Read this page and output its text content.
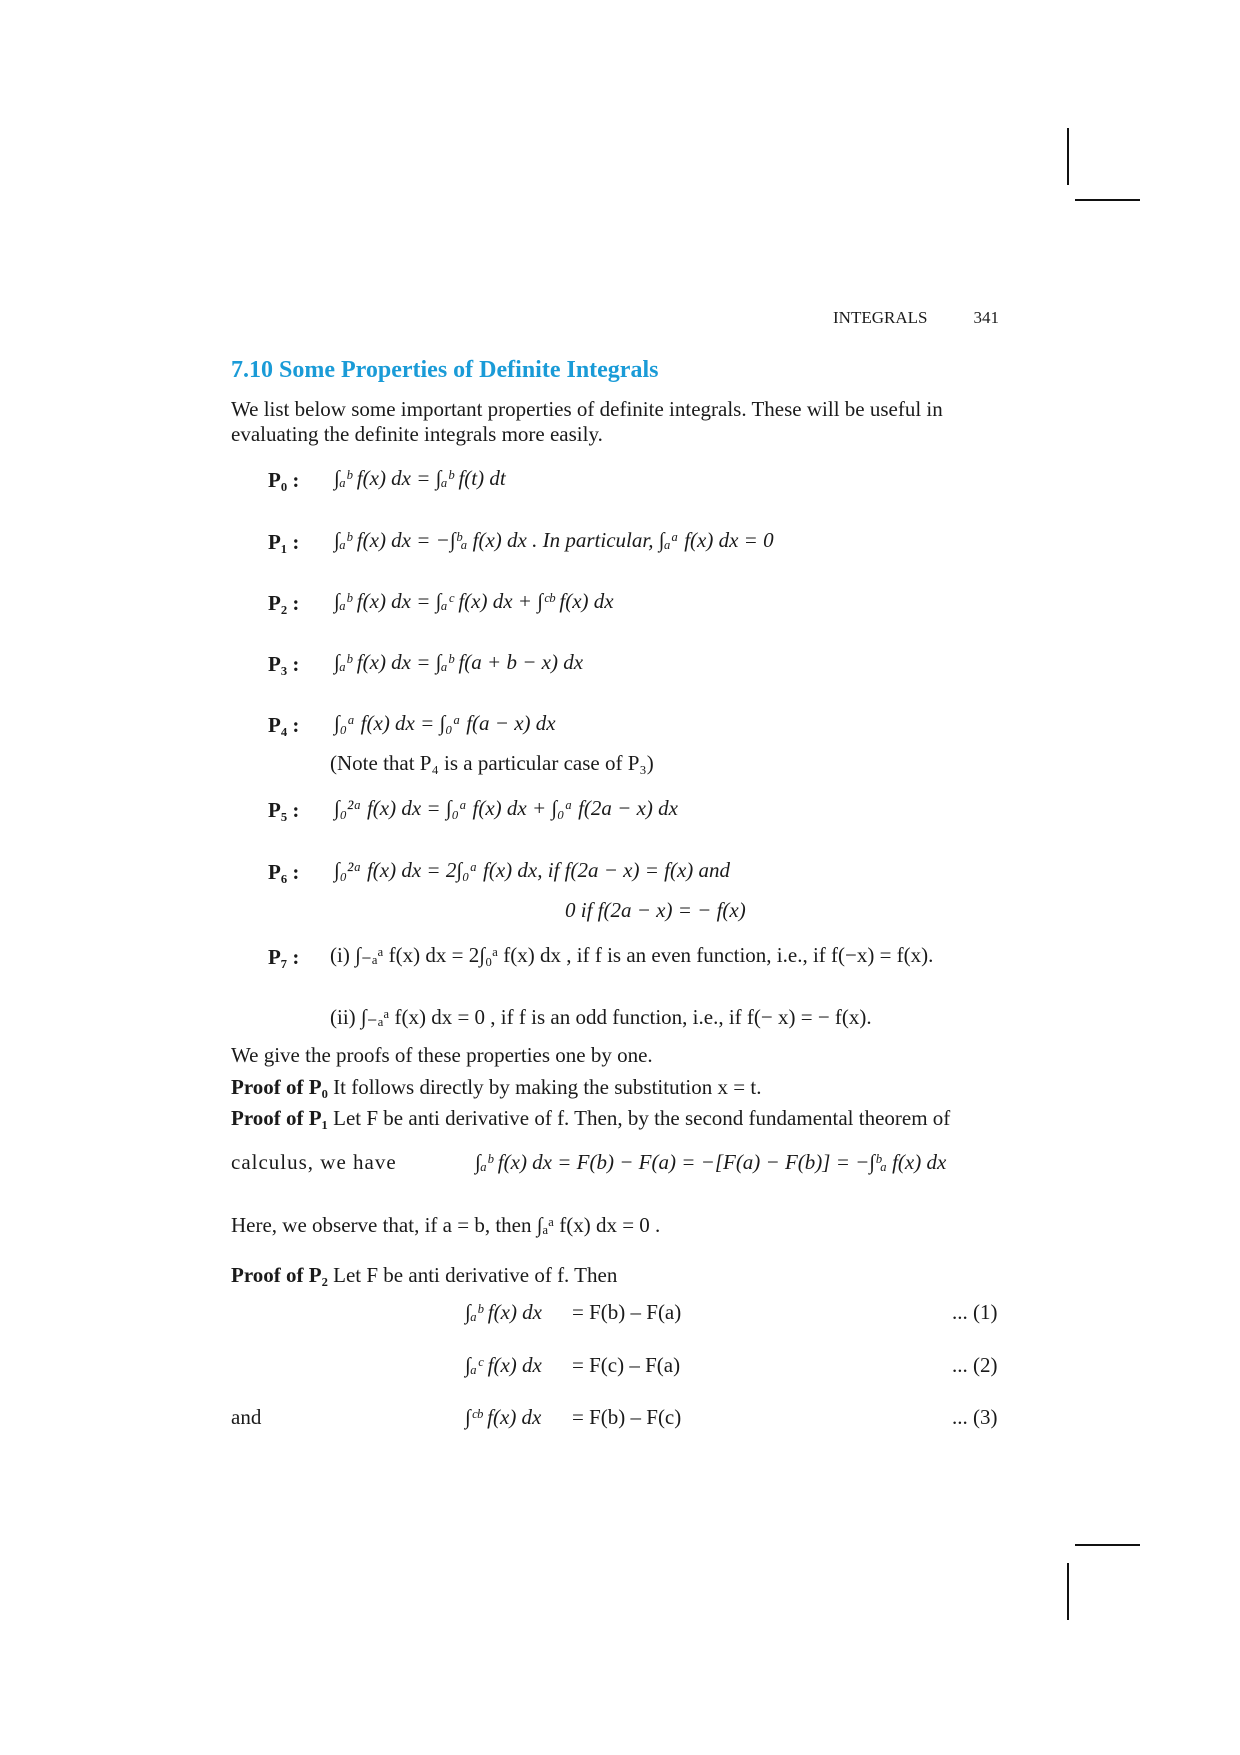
INTEGRALS	341
7.10 Some Properties of Definite Integrals
We list below some important properties of definite integrals. These will be useful in
evaluating the definite integrals more easily.
P₀ : ∫ₐᵇ f(x) dx = ∫ₐᵇ f(t) dt
P₁ : ∫ₐᵇ f(x) dx = −∫ᵇₐ f(x) dx . In particular, ∫ₐᵃ f(x) dx = 0
P₂ : ∫ₐᵇ f(x) dx = ∫ₐᶜ f(x) dx + ∫ᶜᵇ f(x) dx
P₃ : ∫ₐᵇ f(x) dx = ∫ₐᵇ f(a + b − x) dx
P₄ : ∫₀ᵃ f(x) dx = ∫₀ᵃ f(a − x) dx
(Note that P₄ is a particular case of P₃)
P₅ : ∫₀²ᵃ f(x) dx = ∫₀ᵃ f(x) dx + ∫₀ᵃ f(2a − x) dx
P₆ : ∫₀²ᵃ f(x) dx = 2∫₀ᵃ f(x) dx, if f(2a − x) = f(x) and
0 if f(2a − x) = − f(x)
P₇ : (i) ∫₋ₐᵃ f(x) dx = 2∫₀ᵃ f(x) dx , if f is an even function, i.e., if f(−x) = f(x).
(ii) ∫₋ₐᵃ f(x) dx = 0 , if f is an odd function, i.e., if f(− x) = − f(x).
We give the proofs of these properties one by one.
Proof of P₀ It follows directly by making the substitution x = t.
Proof of P₁ Let F be anti derivative of f. Then, by the second fundamental theorem of
calculus, we have	∫ₐᵇ f(x) dx = F(b) − F(a) = −[F(a) − F(b)] = −∫ᵇₐ f(x) dx
Here, we observe that, if a = b, then ∫ₐᵃ f(x) dx = 0 .
Proof of P₂ Let F be anti derivative of f. Then
∫ₐᵇ f(x) dx = F(b) – F(a)	... (1)
∫ₐᶜ f(x) dx = F(c) – F(a)	... (2)
and	∫ᶜᵇ f(x) dx = F(b) – F(c)	... (3)
